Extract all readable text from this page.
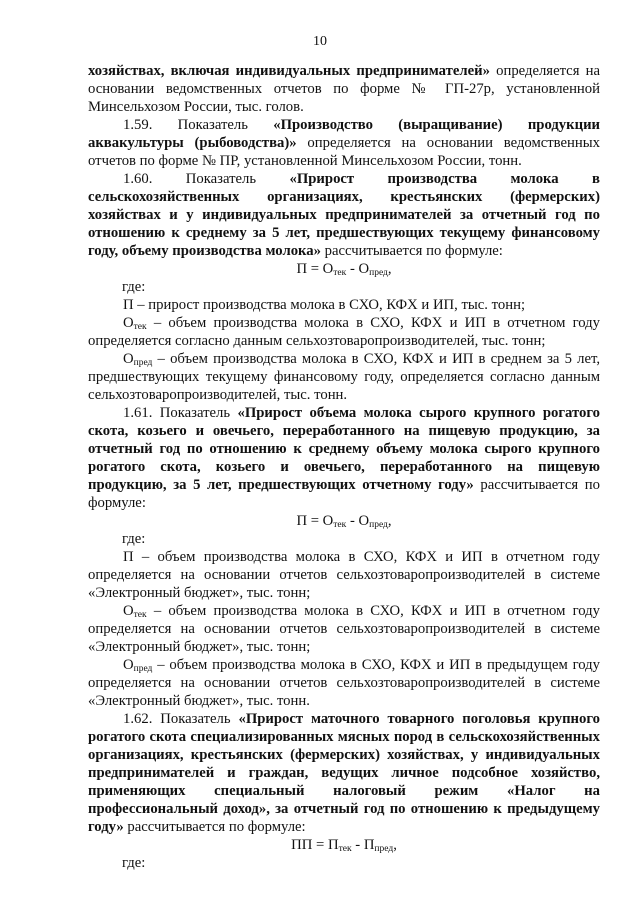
10

хозяйствах, включая индивидуальных предпринимателей» определяется на основании ведомственных отчетов по форме № ГП-27р, установленной Минсельхозом России, тыс. голов.

1.59. Показатель «Производство (выращивание) продукции аквакультуры (рыбоводства)» определяется на основании ведомственных отчетов по форме № ПР, установленной Минсельхозом России, тонн.

1.60. Показатель «Прирост производства молока в сельскохозяйственных организациях, крестьянских (фермерских) хозяйствах и у индивидуальных предпринимателей за отчетный год по отношению к среднему за 5 лет, предшествующих текущему финансовому году, объему производства молока» рассчитывается по формуле:

$П = О_{тек} - О_{пред}$,

где:

П – прирост производства молока в СХО, КФХ и ИП, тыс. тонн;

$О_{тек}$ – объем производства молока в СХО, КФХ и ИП в отчетном году определяется согласно данным сельхозтоваропроизводителей, тыс. тонн;

$О_{пред}$ – объем производства молока в СХО, КФХ и ИП в среднем за 5 лет, предшествующих текущему финансовому году, определяется согласно данным сельхозтоваропроизводителей, тыс. тонн.

1.61. Показатель «Прирост объема молока сырого крупного рогатого скота, козьего и овечьего, переработанного на пищевую продукцию, за отчетный год по отношению к среднему объему молока сырого крупного рогатого скота, козьего и овечьего, переработанного на пищевую продукцию, за 5 лет, предшествующих отчетному году» рассчитывается по формуле:

$П = О_{тек} - О_{пред}$,

где:

П – объем производства молока в СХО, КФХ и ИП в отчетном году определяется на основании отчетов сельхозтоваропроизводителей в системе «Электронный бюджет», тыс. тонн;

$О_{тек}$ – объем производства молока в СХО, КФХ и ИП в отчетном году определяется на основании отчетов сельхозтоваропроизводителей в системе «Электронный бюджет», тыс. тонн;

$О_{пред}$ – объем производства молока в СХО, КФХ и ИП в предыдущем году определяется на основании отчетов сельхозтоваропроизводителей в системе «Электронный бюджет», тыс. тонн.

1.62. Показатель «Прирост маточного товарного поголовья крупного рогатого скота специализированных мясных пород в сельскохозяйственных организациях, крестьянских (фермерских) хозяйствах, у индивидуальных предпринимателей и граждан, ведущих личное подсобное хозяйство, применяющих специальный налоговый режим «Налог на профессиональный доход», за отчетный год по отношению к предыдущему году» рассчитывается по формуле:

ПП = $П_{тек} - П_{пред}$,

где:
